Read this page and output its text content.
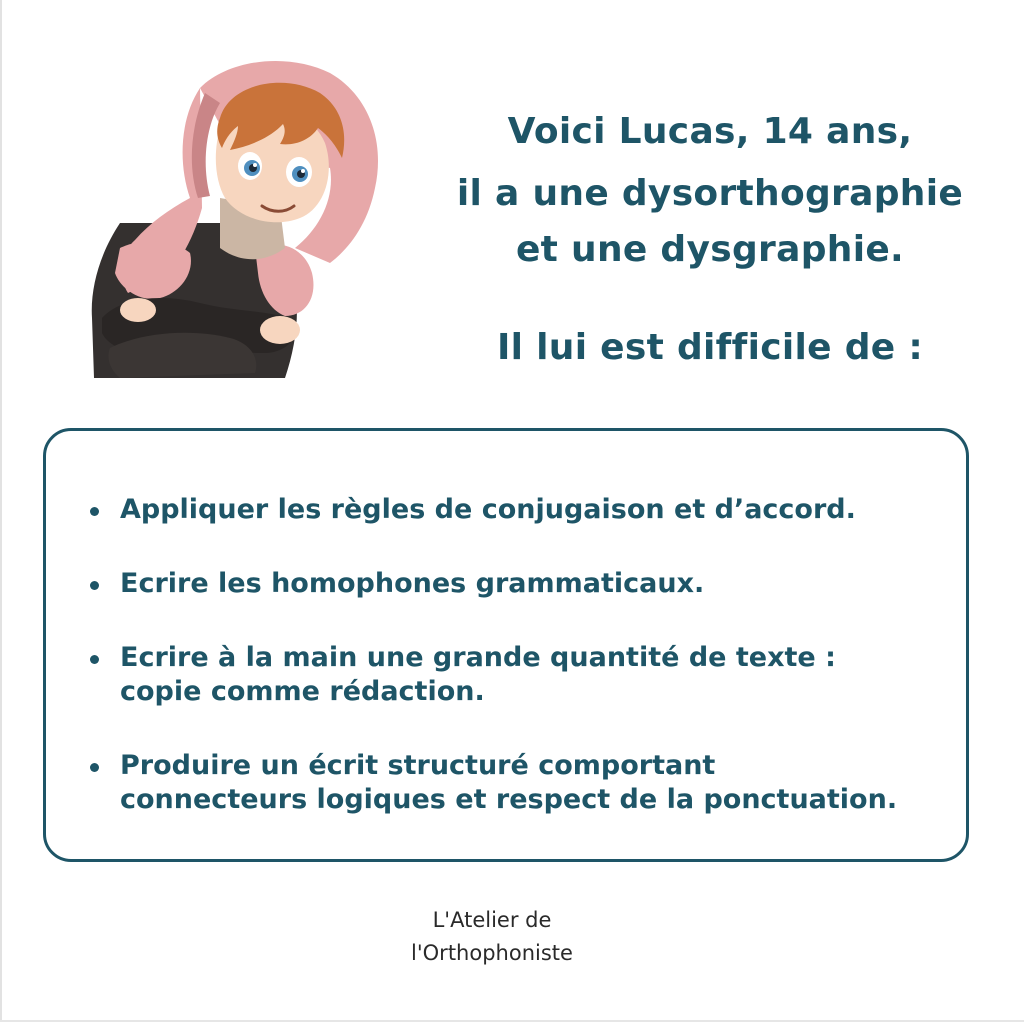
Voici Lucas, 14 ans,
il a une dysorthographie
et une dysgraphie.
Il lui est difficile de :
Appliquer les règles de conjugaison et d’accord.
Ecrire les homophones grammaticaux.
Ecrire à la main une grande quantité de texte :
copie comme rédaction.
Produire un écrit structuré comportant
connecteurs logiques et respect de la ponctuation.
L'Atelier de
l'Orthophoniste
